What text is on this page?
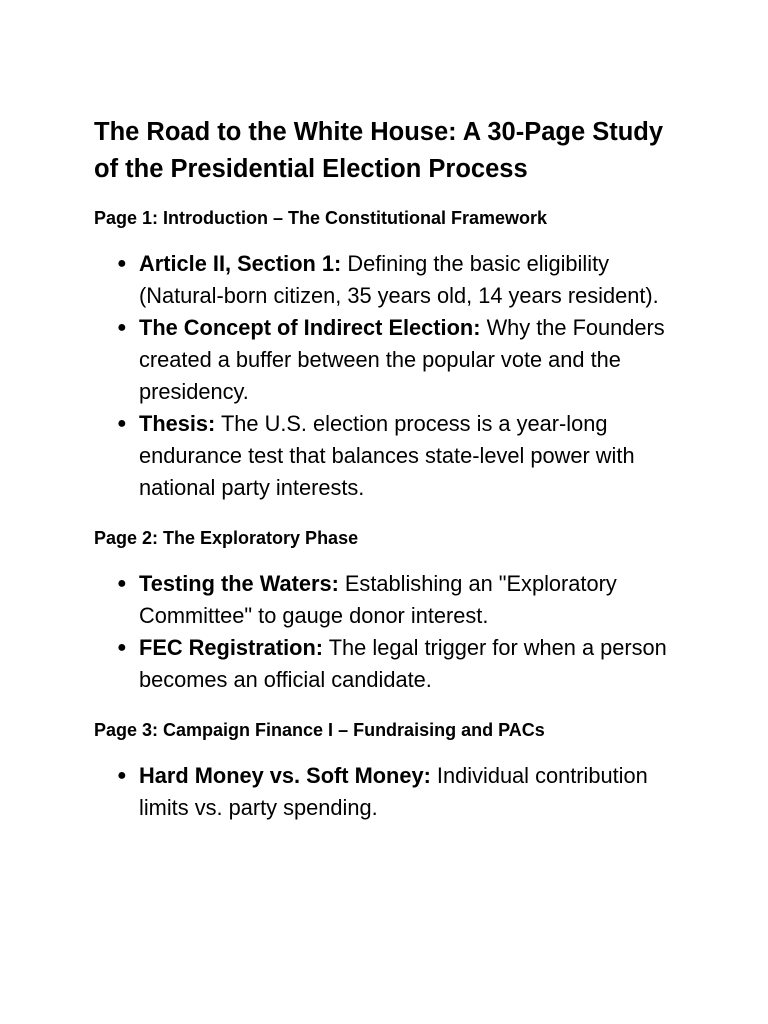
The Road to the White House: A 30-Page Study of the Presidential Election Process
Page 1: Introduction – The Constitutional Framework
● Article II, Section 1: Defining the basic eligibility (Natural-born citizen, 35 years old, 14 years resident).
● The Concept of Indirect Election: Why the Founders created a buffer between the popular vote and the presidency.
● Thesis: The U.S. election process is a year-long endurance test that balances state-level power with national party interests.
Page 2: The Exploratory Phase
● Testing the Waters: Establishing an "Exploratory Committee" to gauge donor interest.
● FEC Registration: The legal trigger for when a person becomes an official candidate.
Page 3: Campaign Finance I – Fundraising and PACs
● Hard Money vs. Soft Money: Individual contribution limits vs. party spending.
